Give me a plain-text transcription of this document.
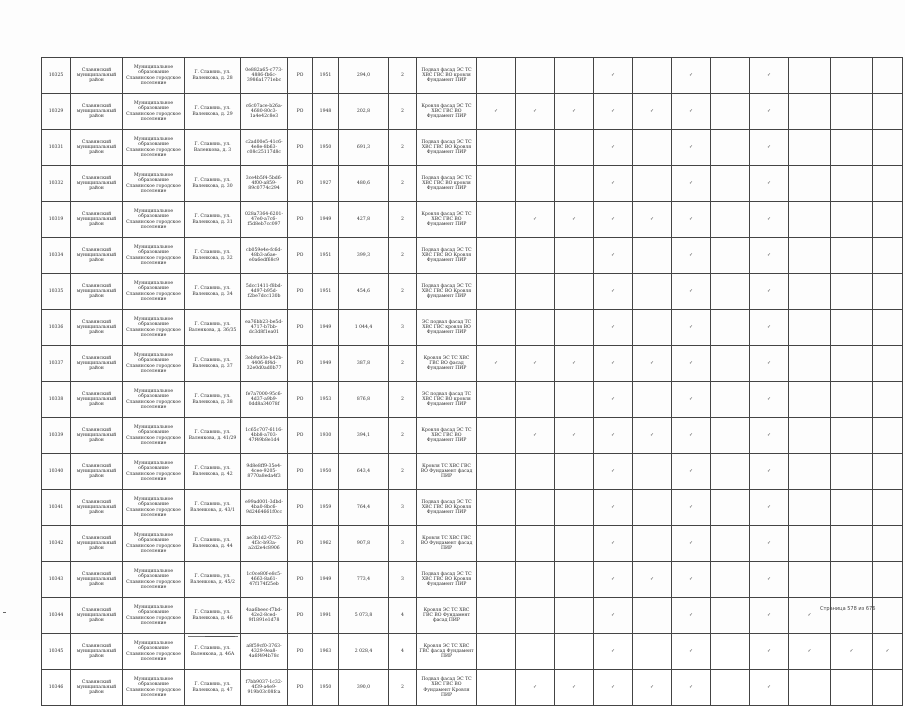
10325	Славянский муниципальный район	Муниципальное образование Славянское городское поселение	Г. Славянь, ул. Валенкова, д. 28	0e882a65-c773-4886-fb6c-3986a1771ebc	РО	1951	294,0	2	Подвал фасад ЭС ТС ХВС ГВС ВО кровля Фундамент ПИР				✓		✓		✓			
10329	Славянский муниципальный район	Муниципальное образование Славянское городское поселение	Г. Славянь, ул. Валенкова, д. 29	c6c07ace-b26a-4680-80c3-1a4e42c8e3	РО	1948	202,8	2	Кровля фасад ЭС ТС ХВС ГВС ВО Фундамент ПИР	✓	✓	✓	✓	✓	✓		✓			
10331	Славянский муниципальный район	Муниципальное образование Славянское городское поселение	Г. Славянь, ул. Валенкова, д. 3	c2ad00e5-41c6-4e8e-8b63-c08c25117d8c	РО	1950	691,3	2	Подвал фасад ЭС ТС ХВС ГВС ВО Кровля Фундамент ПИР				✓		✓		✓			
10332	Славянский муниципальный район	Муниципальное образование Славянское городское поселение	Г. Славянь, ул. Валенкова, д. 30	3ce4b5f4-5bd6-4f00-a859-89c0774c294	РО	1927	480,6	2	Подвал фасад ЭС ТС ХВС ГВС ВО кровля Фундамент ПИР				✓		✓		✓			
10319	Славянский муниципальный район	Муниципальное образование Славянское городское поселение	Г. Славянь, ул. Валенкова, д. 31	028a7364-6201-47e0-a7c6-f5d8eb7cc097	РО	1949	427,8	2	Кровля фасад ЭС ТС ХВС ГВС ВО Фундамент ПИР		✓	✓	✓	✓	✓		✓			
10334	Славянский муниципальный район	Муниципальное образование Славянское городское поселение	Г. Славянь, ул. Валенкова, д. 32	cb059e4e-fc6d-48b3-a6ae-e0a6edf68c9	РО	1951	399,3	2	Подвал фасад ЭС ТС ХВС ГВС ВО Кровля Фундамент ПИР				✓		✓		✓			
10335	Славянский муниципальный район	Муниципальное образование Славянское городское поселение	Г. Славянь, ул. Валенкова, д. 34	5dcc1411-f8bd-4d97-b95d-f2be7dcc130b	РО	1951	454,6	2	Подвал фасад ЭС ТС ХВС ГВС ВО Кровля фундамент ПИР				✓		✓		✓			
10336	Славянский муниципальный район	Муниципальное образование Славянское городское поселение	Г. Славянь, ул. Валенкова, д. 36/35	ea76bb23-be5d-4717-b7bb-dc3d8f1ea01	РО	1949	1 044,4	3	ЭС подвал фасад ТС ХВС ГВС кровля ВО Фундамент ПИР				✓		✓		✓			
10337	Славянский муниципальный район	Муниципальное образование Славянское городское поселение	Г. Славянь, ул. Валенкова, д. 37	3eb9a93e-b42b-4406-8f4d-32e0d0ad0b77	РО	1949	387,8	2	Кровля ЭС ТС ХВС ГВС ВО фасад Фундамент ПИР	✓	✓	✓	✓	✓	✓		✓			
10338	Славянский муниципальный район	Муниципальное образование Славянское городское поселение	Г. Славянь, ул. Валенкова, д. 38	fe7a7000-95c6-4d37-a9b9-0dd8a34078f	РО	1953	876,8	2	ЭС подвал фасад ТС ХВС ГВС ВО кровля Фундамент ПИР				✓		✓		✓			
10339	Славянский муниципальный район	Муниципальное образование Славянское городское поселение	Г. Славянь, ул. Валенкова, д. 41/29	1c65c707-6116-4bb8-a703-47f49b8e1d4	РО	1930	394,1	2	Кровля фасад ЭС ТС ХВС ГВС ВО Фундамент ПИР		✓	✓	✓	✓	✓		✓			
10340	Славянский муниципальный район	Муниципальное образование Славянское городское поселение	Г. Славянь, ул. Валенкова, д. 42	9d8e8ff9-35e4-4cee-9205-8770a8eda4f3	РО	1950	643,4	2	Кровля ТС ХВС ГВС ВО Фундамент фасад ПИР				✓		✓		✓			
10341	Славянский муниципальный район	Муниципальное образование Славянское городское поселение	Г. Славянь, ул. Валенкова, д. 43/1	e99ad001-3dbd-4ba0-8bc6-9d2464661f0cc	РО	1959	764,4	3	Подвал фасад ЭС ТС ХВС ГВС ВО Кровля Фундамент ПИР				✓		✓		✓			
10342	Славянский муниципальный район	Муниципальное образование Славянское городское поселение	Г. Славянь, ул. Валенкова, д. 44	ae3b1d2-0752-4f3c-b93a-a2d2e4c8906	РО	1962	907,8	3	Кровля ТС ХВС ГВС ВО Фундамент фасад ПИР				✓		✓		✓			
10343	Славянский муниципальный район	Муниципальное образование Славянское городское поселение	Г. Славянь, ул. Валенкова, д. 45/2	1c0ce80f-e8c5-4663-8a61-47f174f25eb	РО	1949	773,4	3	Подвал фасад ЭС ТС ХВС ГВС ВО Кровля Фундамент ПИР				✓	✓	✓		✓			
10344	Славянский муниципальный район	Муниципальное образование Славянское городское поселение	Г. Славянь, ул. Валенкова, д. 46	4aa6beec-f7bd-42e2-8ced-9f1891e1d78	РО	1991	5 073,8	4	Кровля ЭС ТС ХВС ГВС ВО Фундамент фасад ПИР				✓		✓		✓	✓		
10345	Славянский муниципальный район	Муниципальное образование Славянское городское поселение	Г. Славянь, ул. Валенкова, д. 46А	a8f59cf0-3763-4329-9ea8-4a6f494b78c	РО	1963	2 028,4	4	Кровля ЭС ТС ХВС ГВС фасад Фундамент ПИР				✓		✓		✓	✓	✓	✓
10346	Славянский муниципальный район	Муниципальное образование Славянское городское поселение	Г. Славянь, ул. Валенкова, д. 47	f7bb9037-1c32-4f39-a4e9-919b03c08fca	РО	1950	390,0	2	Подвал фасад ЭС ТС ХВС ГВС ВО Фундамент Кровля ПИР		✓	✓	✓	✓	✓		✓			
Страница 578 из 676
